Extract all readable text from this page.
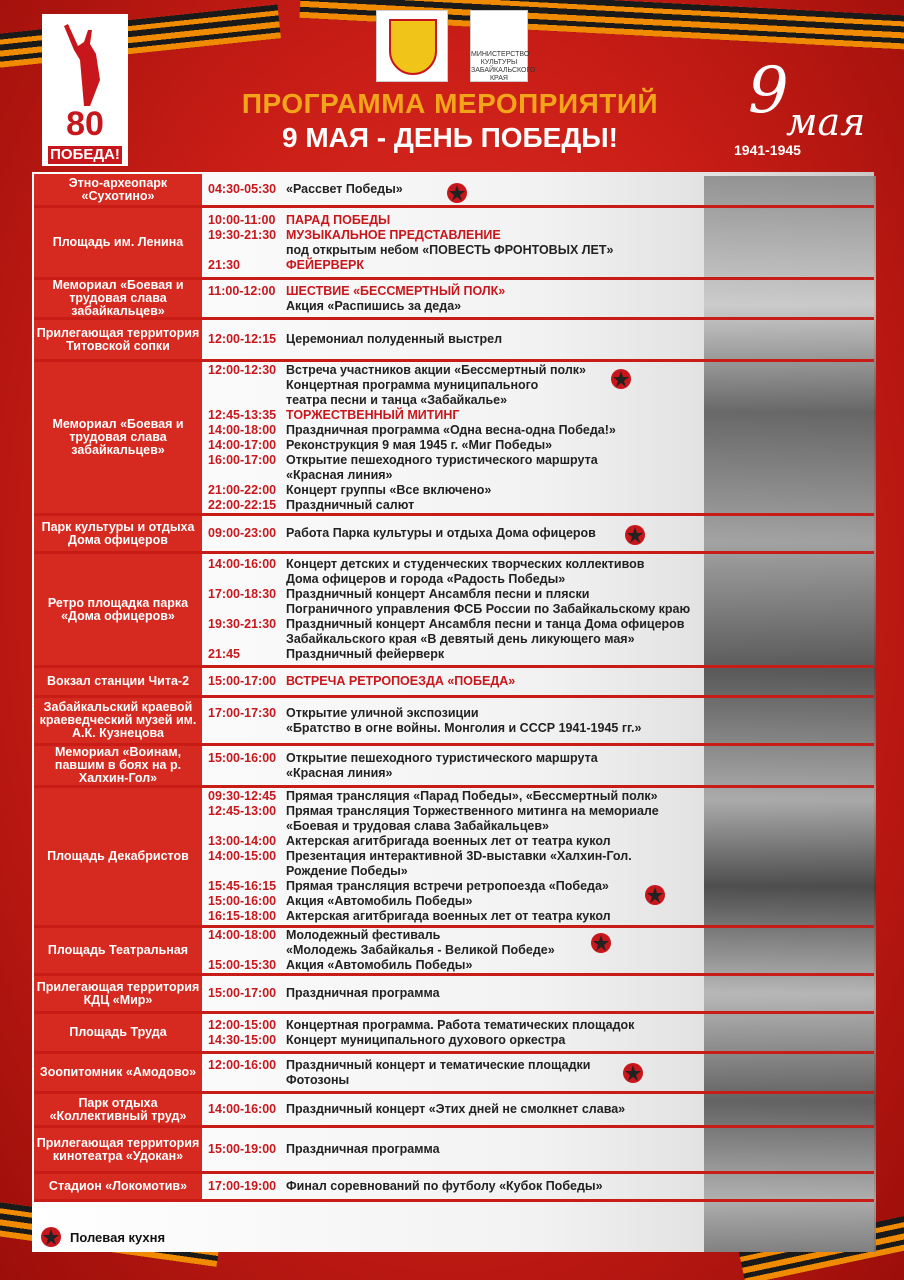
80
ПОБЕДА!
МИНИСТЕРСТВО КУЛЬТУРЫ ЗАБАЙКАЛЬСКОГО КРАЯ
ПРОГРАММА МЕРОПРИЯТИЙ
9 МАЯ - ДЕНЬ ПОБЕДЫ!
9
мая
1941-1945
Этно-археопарк «Сухотино»	04:30-05:30 «Рассвет Победы»
Площадь им. Ленина
10:00-11:00 ПАРАД ПОБЕДЫ
19:30-21:30 МУЗЫКАЛЬНОЕ ПРЕДСТАВЛЕНИЕ
под открытым небом «ПОВЕСТЬ ФРОНТОВЫХ ЛЕТ»
21:30	ФЕЙЕРВЕРК
Мемориал «Боевая и трудовая слава забайкальцев»
11:00-12:00 ШЕСТВИЕ «БЕССМЕРТНЫЙ ПОЛК»
Акция «Распишись за деда»
Прилегающая территория Титовской сопки	12:00-12:15 Церемониал полуденный выстрел
Мемориал «Боевая и трудовая слава забайкальцев»
12:00-12:30 Встреча участников акции «Бессмертный полк»
Концертная программа муниципального
театра песни и танца «Забайкалье»
12:45-13:35 ТОРЖЕСТВЕННЫЙ МИТИНГ
14:00-18:00 Праздничная программа «Одна весна-одна Победа!»
14:00-17:00 Реконструкция 9 мая 1945 г. «Миг Победы»
16:00-17:00 Открытие пешеходного туристического маршрута
«Красная линия»
21:00-22:00 Концерт группы «Все включено»
22:00-22:15 Праздничный салют
Парк культуры и отдыха Дома офицеров	09:00-23:00 Работа Парка культуры и отдыха Дома офицеров
Ретро площадка парка «Дома офицеров»
14:00-16:00 Концерт детских и студенческих творческих коллективов
Дома офицеров и города «Радость Победы»
17:00-18:30 Праздничный концерт Ансамбля песни и пляски
Пограничного управления ФСБ России по Забайкальскому краю
19:30-21:30 Праздничный концерт Ансамбля песни и танца Дома офицеров
Забайкальского края «В девятый день ликующего мая»
21:45	Праздничный фейерверк
Вокзал станции Чита-2	15:00-17:00 ВСТРЕЧА РЕТРОПОЕЗДА «ПОБЕДА»
Забайкальский краевой краеведческий музей им. А.К. Кузнецова
17:00-17:30 Открытие уличной экспозиции
«Братство в огне войны. Монголия и СССР 1941-1945 гг.»
Мемориал «Воинам, павшим в боях на р. Халхин-Гол»
15:00-16:00 Открытие пешеходного туристического маршрута
«Красная линия»
Площадь Декабристов
09:30-12:45 Прямая трансляция «Парад Победы», «Бессмертный полк»
12:45-13:00 Прямая трансляция Торжественного митинга на мемориале
«Боевая и трудовая слава Забайкальцев»
13:00-14:00 Актерская агитбригада военных лет от театра кукол
14:00-15:00 Презентация интерактивной 3D-выставки «Халхин-Гол.
Рождение Победы»
15:45-16:15 Прямая трансляция встречи ретропоезда «Победа»
15:00-16:00 Акция «Автомобиль Победы»
16:15-18:00 Актерская агитбригада военных лет от театра кукол
Площадь Театральная
14:00-18:00 Молодежный фестиваль
«Молодежь Забайкалья - Великой Победе»
15:00-15:30 Акция «Автомобиль Победы»
Прилегающая территория КДЦ «Мир»	15:00-17:00 Праздничная программа
Площадь Труда
12:00-15:00 Концертная программа. Работа тематических площадок
14:30-15:00 Концерт муниципального духового оркестра
Зоопитомник «Амодово»
12:00-16:00 Праздничный концерт и тематические площадки
Фотозоны
Парк отдыха «Коллективный труд»	14:00-16:00 Праздничный концерт «Этих дней не смолкнет слава»
Прилегающая территория кинотеатра «Удокан»	15:00-19:00 Праздничная программа
Стадион «Локомотив»	17:00-19:00 Финал соревнований по футболу «Кубок Победы»
Полевая кухня
